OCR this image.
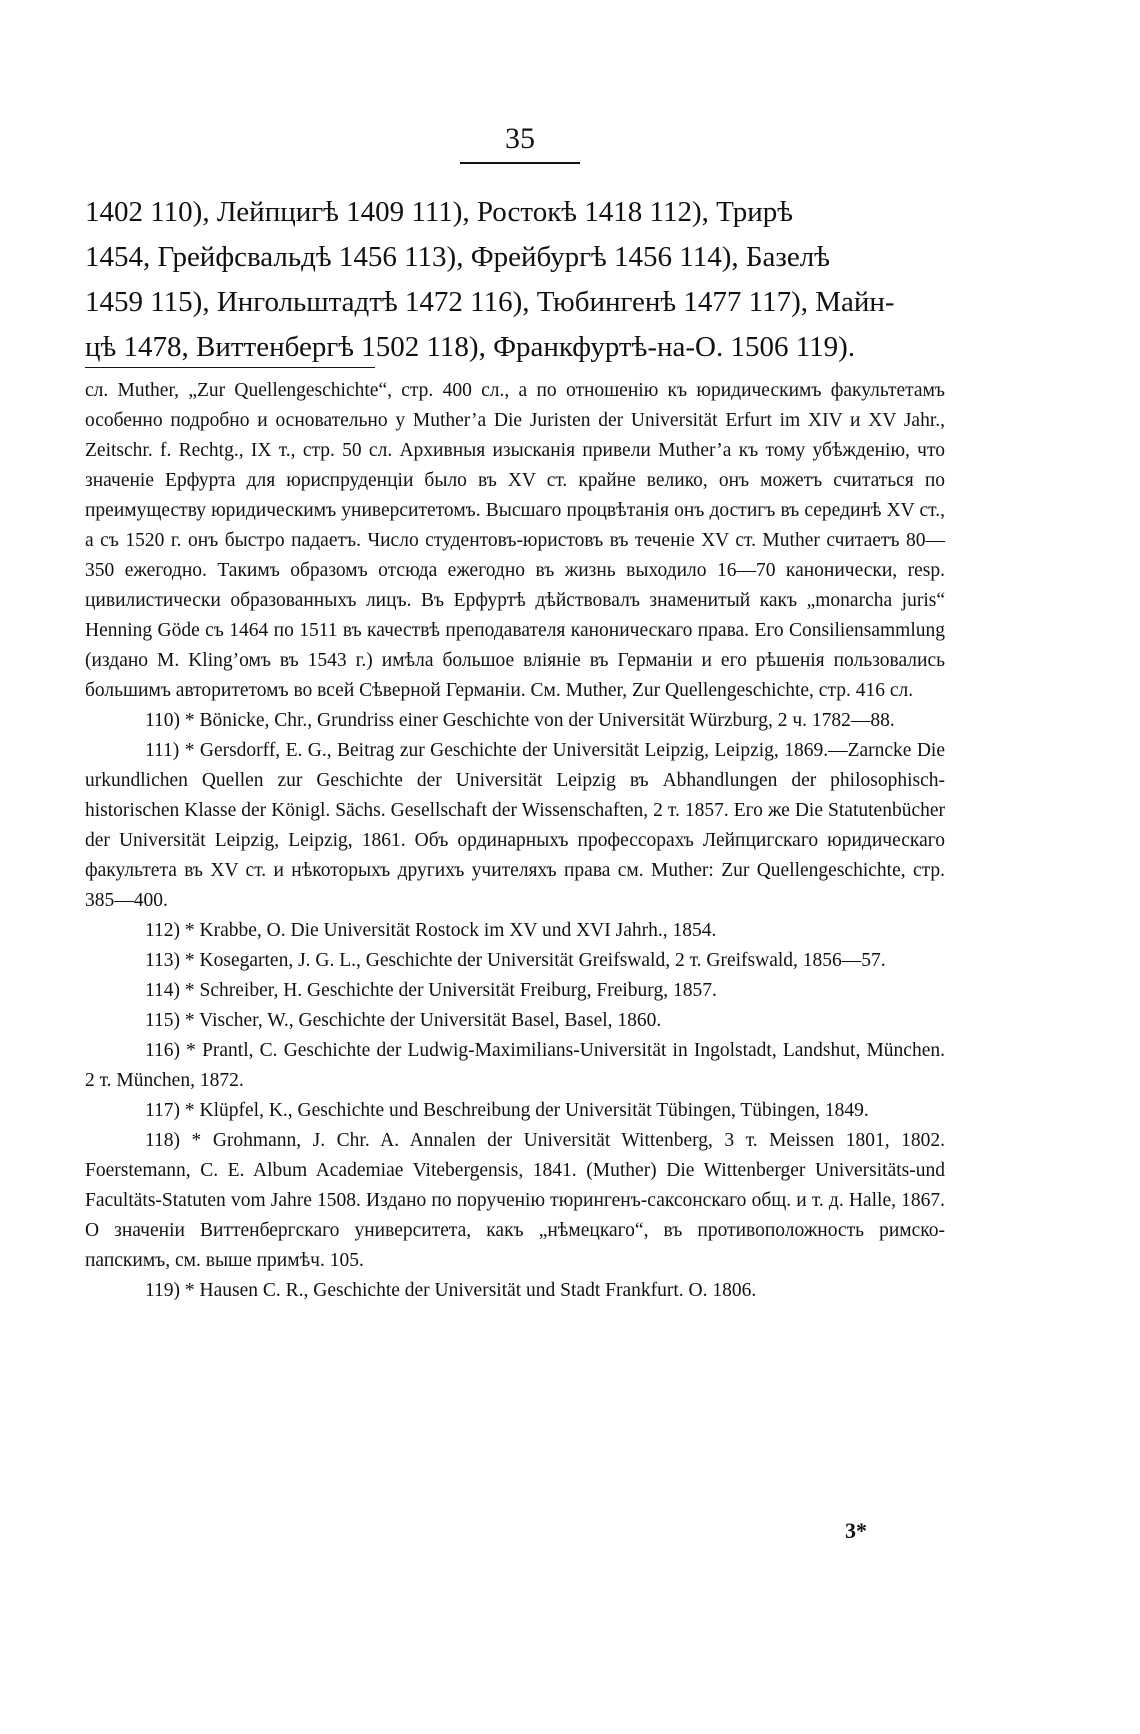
35
1402 110), Лейпцигѣ 1409 111), Ростокѣ 1418 112), Трирѣ
1454, Грейфсвальдѣ 1456 113), Фрейбургѣ 1456 114), Базелѣ
1459 115), Ингольштадтѣ 1472 116), Тюбингенѣ 1477 117), Майн-
цѣ 1478, Виттенбергѣ 1502 118), Франкфуртѣ-на-О. 1506 119).

сл. Muther, „Zur Quellengeschichte“, стр. 400 сл., а по отношенію къ юридическимъ факультетамъ особенно подробно и основательно у Muther’a Die Juristen der Universität Erfurt im XIV и XV Jahr., Zeitschr. f. Rechtg., IX т., стр. 50 сл. Архивныя изысканія привели Muther’a къ тому убѣжденію, что значеніе Ерфурта для юриспруденціи было въ XV ст. крайне велико, онъ можетъ считаться по преимуществу юридическимъ университетомъ. Высшаго процвѣтанія онъ достигъ въ серединѣ XV ст., а съ 1520 г. онъ быстро падаетъ. Число студентовъ-юристовъ въ теченіе XV ст. Muther считаетъ 80—350 ежегодно. Такимъ образомъ отсюда ежегодно въ жизнь выходило 16—70 канонически, resp. цивилистически образованныхъ лицъ. Въ Ерфуртѣ дѣйствовалъ знаменитый какъ „monarcha juris“ Henning Göde съ 1464 по 1511 въ качествѣ преподавателя каноническаго права. Его Consiliensammlung (издано M. Kling’омъ въ 1543 г.) имѣла большое вліяніе въ Германіи и его рѣшенія пользовались большимъ авторитетомъ во всей Сѣверной Германіи. См. Muther, Zur Quellengeschichte, стр. 416 сл.

110) * Bönicke, Chr., Grundriss einer Geschichte von der Universität Würzburg, 2 ч. 1782—88.

111) * Gersdorff, E. G., Beitrag zur Geschichte der Universität Leipzig, Leipzig, 1869.—Zarncke Die urkundlichen Quellen zur Geschichte der Universität Leipzig въ Abhandlungen der philosophisch-historischen Klasse der Königl. Sächs. Gesellschaft der Wissenschaften, 2 т. 1857. Его же Die Statutenbücher der Universität Leipzig, Leipzig, 1861. Объ ординарныхъ профессорахъ Лейпцигскаго юридическаго факультета въ XV ст. и нѣкоторыхъ другихъ учителяхъ права см. Muther: Zur Quellengeschichte, стр. 385—400.

112) * Krabbe, O. Die Universität Rostock im XV und XVI Jahrh., 1854.

113) * Kosegarten, J. G. L., Geschichte der Universität Greifswald, 2 т. Greifswald, 1856—57.

114) * Schreiber, H. Geschichte der Universität Freiburg, Freiburg, 1857.

115) * Vischer, W., Geschichte der Universität Basel, Basel, 1860.

116) * Prantl, C. Geschichte der Ludwig-Maximilians-Universität in Ingolstadt, Landshut, München. 2 т. München, 1872.

117) * Klüpfel, K., Geschichte und Beschreibung der Universität Tübingen, Tübingen, 1849.

118) * Grohmann, J. Chr. A. Annalen der Universität Wittenberg, 3 т. Meissen 1801, 1802. Foerstemann, C. E. Album Academiae Vitebergensis, 1841. (Muther) Die Wittenberger Universitäts-und Facultäts-Statuten vom Jahre 1508. Издано по порученію тюрингенъ-саксонскаго общ. и т. д. Halle, 1867. О значеніи Виттенбергскаго университета, какъ „нѣмецкаго“, въ противоположность римско-папскимъ, см. выше примѣч. 105.

119) * Hausen C. R., Geschichte der Universität und Stadt Frankfurt. O. 1806.

3*
